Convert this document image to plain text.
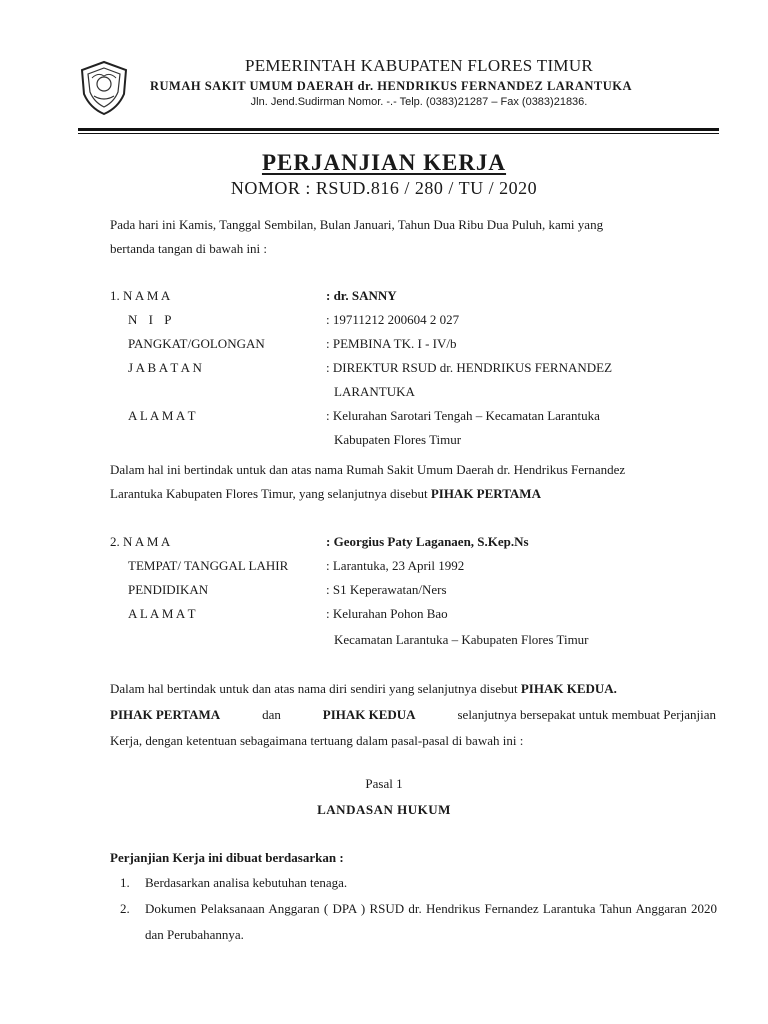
PEMERINTAH KABUPATEN FLORES TIMUR
RUMAH SAKIT UMUM DAERAH dr. HENDRIKUS FERNANDEZ LARANTUKA
Jln. Jend.Sudirman Nomor. -.- Telp. (0383)21287 – Fax (0383)21836.
PERJANJIAN KERJA
NOMOR : RSUD.816 / 280 / TU / 2020
Pada hari ini Kamis, Tanggal Sembilan, Bulan Januari, Tahun Dua Ribu Dua Puluh, kami yang
bertanda tangan di bawah ini :
1. N A M A	: dr. SANNY
N I P	: 19711212 200604 2 027
PANGKAT/GOLONGAN	: PEMBINA TK. I - IV/b
J A B A T A N	: DIREKTUR RSUD dr. HENDRIKUS FERNANDEZ
LARANTUKA
A L A M A T	: Kelurahan Sarotari Tengah – Kecamatan Larantuka
Kabupaten Flores Timur
Dalam hal ini bertindak untuk dan atas nama Rumah Sakit Umum Daerah dr. Hendrikus Fernandez
Larantuka Kabupaten Flores Timur, yang selanjutnya disebut PIHAK PERTAMA
2. N A M A	: Georgius Paty Laganaen, S.Kep.Ns
TEMPAT/ TANGGAL LAHIR	: Larantuka, 23 April 1992
PENDIDIKAN	: S1 Keperawatan/Ners
A L A M A T	: Kelurahan Pohon Bao
Kecamatan Larantuka – Kabupaten Flores Timur
Dalam hal bertindak untuk dan atas nama diri sendiri yang selanjutnya disebut PIHAK KEDUA.
PIHAK PERTAMA	dan	PIHAK KEDUA	selanjutnya bersepakat untuk membuat Perjanjian
Kerja, dengan ketentuan sebagaimana tertuang dalam pasal-pasal di bawah ini :
Pasal 1
LANDASAN HUKUM
Perjanjian Kerja ini dibuat berdasarkan :
1. Berdasarkan analisa kebutuhan tenaga.
2. Dokumen Pelaksanaan Anggaran ( DPA ) RSUD dr. Hendrikus Fernandez Larantuka Tahun Anggaran 2020 dan Perubahannya.
